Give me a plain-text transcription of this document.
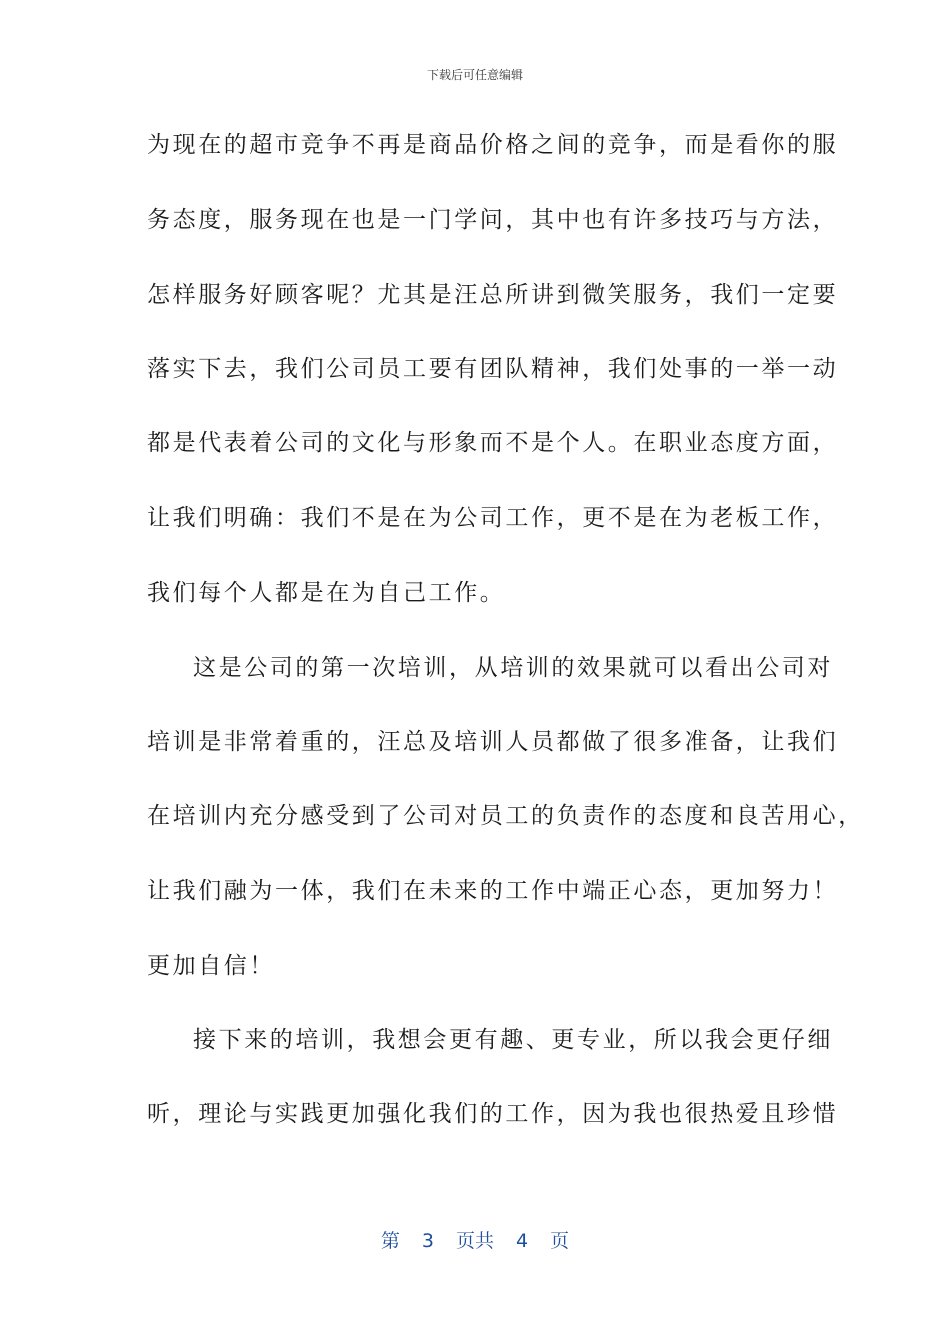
下载后可任意编辑
为现在的超市竞争不再是商品价格之间的竞争，而是看你的服
务态度，服务现在也是一门学问，其中也有许多技巧与方法，
怎样服务好顾客呢？尤其是汪总所讲到微笑服务，我们一定要
落实下去，我们公司员工要有团队精神，我们处事的一举一动
都是代表着公司的文化与形象而不是个人。在职业态度方面，
让我们明确：我们不是在为公司工作，更不是在为老板工作，
我们每个人都是在为自己工作。
这是公司的第一次培训，从培训的效果就可以看出公司对
培训是非常着重的，汪总及培训人员都做了很多准备，让我们
在培训内充分感受到了公司对员工的负责作的态度和良苦用心，
让我们融为一体，我们在未来的工作中端正心态，更加努力！
更加自信！
接下来的培训，我想会更有趣、更专业，所以我会更仔细
听，理论与实践更加强化我们的工作，因为我也很热爱且珍惜
第 3 页共 4 页
